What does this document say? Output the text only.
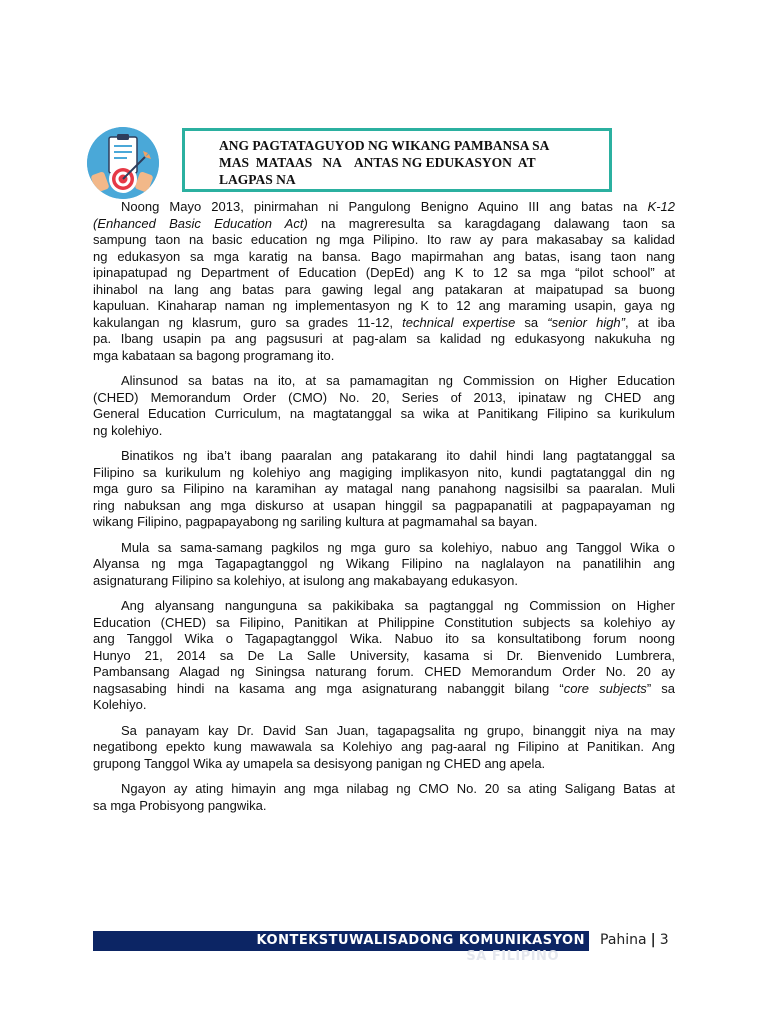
ANG PAGTATAGUYOD NG WIKANG PAMBANSA SA
MAS  MATAAS   NA    ANTAS NG EDUKASYON  AT
LAGPAS NA
Noong Mayo 2013, pinirmahan ni Pangulong Benigno Aquino III ang batas na K-12
(Enhanced Basic Education Act) na magreresulta sa karagdagang dalawang taon sa
sampung taon na basic education ng mga Pilipino. Ito raw ay para makasabay sa kalidad
ng edukasyon sa mga karatig na bansa. Bago mapirmahan ang batas, isang taon nang
ipinapatupad ng Department of Education (DepEd) ang K to 12 sa mga “pilot school” at
ihinabol na lang ang batas para gawing legal ang patakaran at maipatupad sa buong
kapuluan. Kinaharap naman ng implementasyon ng K to 12 ang maraming usapin, gaya ng
kakulangan ng klasrum, guro sa grades 11-12, technical expertise sa “senior high”, at iba
pa. Ibang usapin pa ang pagsusuri at pag-alam sa kalidad ng edukasyong nakukuha ng
mga kabataan sa bagong programang ito.
Alinsunod sa batas na ito, at sa pamamagitan ng Commission on Higher Education
(CHED) Memorandum Order (CMO) No. 20, Series of 2013, ipinataw ng CHED ang
General Education Curriculum, na magtatanggal sa wika at Panitikang Filipino sa kurikulum
ng kolehiyo.
Binatikos ng iba’t ibang paaralan ang patakarang ito dahil hindi lang pagtatanggal sa
Filipino sa kurikulum ng kolehiyo ang magiging implikasyon nito, kundi pagtatanggal din ng
mga guro sa Filipino na karamihan ay matagal nang panahong nagsisilbi sa paaralan. Muli
ring nabuksan ang mga diskurso at usapan hinggil sa pagpapanatili at pagpapayaman ng
wikang Filipino, pagpapayabong ng sariling kultura at pagmamahal sa bayan.
Mula sa sama-samang pagkilos ng mga guro sa kolehiyo, nabuo ang Tanggol Wika o
Alyansa ng mga Tagapagtanggol ng Wikang Filipino na naglalayon na panatilihin ang
asignaturang Filipino sa kolehiyo, at isulong ang makabayang edukasyon.
Ang alyansang nangunguna sa pakikibaka sa pagtanggal ng Commission on Higher
Education (CHED) sa Filipino, Panitikan at Philippine Constitution subjects sa kolehiyo ay
ang Tanggol Wika o Tagapagtanggol Wika. Nabuo ito sa konsultatibong forum noong
Hunyo 21, 2014 sa De La Salle University, kasama si Dr. Bienvenido Lumbrera,
Pambansang Alagad ng Siningsa naturang forum. CHED Memorandum Order No. 20 ay
nagsasabing hindi na kasama ang mga asignaturang nabanggit bilang “core subjects” sa
Kolehiyo.
Sa panayam kay Dr. David San Juan, tagapagsalita ng grupo, binanggit niya na may
negatibong epekto kung mawawala sa Kolehiyo ang pag-aaral ng Filipino at Panitikan. Ang
grupong Tanggol Wika ay umapela sa desisyong panigan ng CHED ang apela.
Ngayon ay ating himayin ang mga nilabag ng CMO No. 20 sa ating Saligang Batas at
sa mga Probisyong pangwika.
KONTEKSTUWALISADONG KOMUNIKASYON
SA FILIPINO
Pahina | 3
